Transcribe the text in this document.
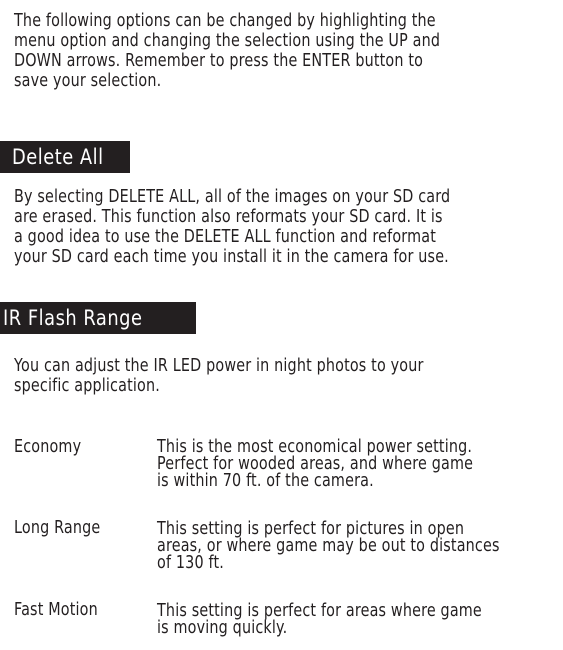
The following options can be changed by highlighting the
menu option and changing the selection using the UP and
DOWN arrows. Remember to press the ENTER button to
save your selection.

Delete All

By selecting DELETE ALL, all of the images on your SD card
are erased. This function also reformats your SD card. It is
a good idea to use the DELETE ALL function and reformat
your SD card each time you install it in the camera for use.

IR Flash Range

You can adjust the IR LED power in night photos to your
specific application.

Economy	This is the most economical power setting.
Perfect for wooded areas, and where game
is within 70 ft. of the camera.

Long Range	This setting is perfect for pictures in open
areas, or where game may be out to distances
of 130 ft.

Fast Motion	This setting is perfect for areas where game
is moving quickly.
